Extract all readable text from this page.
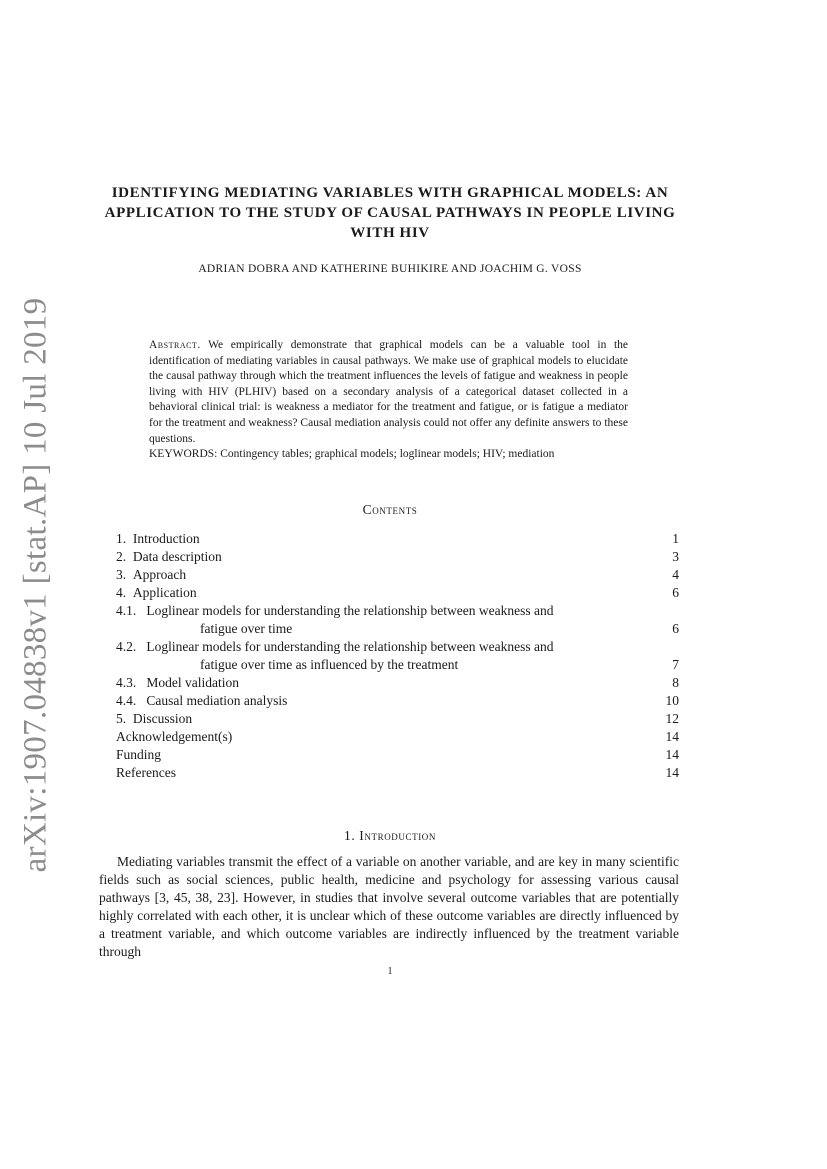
arXiv:1907.04838v1 [stat.AP] 10 Jul 2019
IDENTIFYING MEDIATING VARIABLES WITH GRAPHICAL MODELS: AN APPLICATION TO THE STUDY OF CAUSAL PATHWAYS IN PEOPLE LIVING WITH HIV
ADRIAN DOBRA AND KATHERINE BUHIKIRE AND JOACHIM G. VOSS

Abstract. We empirically demonstrate that graphical models can be a valuable tool in the identification of mediating variables in causal pathways. We make use of graphical models to elucidate the causal pathway through which the treatment influences the levels of fatigue and weakness in people living with HIV (PLHIV) based on a secondary analysis of a categorical dataset collected in a behavioral clinical trial: is weakness a mediator for the treatment and fatigue, or is fatigue a mediator for the treatment and weakness? Causal mediation analysis could not offer any definite answers to these questions.

KEYWORDS: Contingency tables; graphical models; loglinear models; HIV; mediation

Contents
1. Introduction	1
2. Data description	3
3. Approach	4
4. Application	6
4.1. Loglinear models for understanding the relationship between weakness and
fatigue over time	6
4.2. Loglinear models for understanding the relationship between weakness and
fatigue over time as influenced by the treatment	7
4.3. Model validation	8
4.4. Causal mediation analysis	10
5. Discussion	12
Acknowledgement(s)	14
Funding	14
References	14
1. Introduction

Mediating variables transmit the effect of a variable on another variable, and are key in many scientific fields such as social sciences, public health, medicine and psychology for assessing various causal pathways [3, 45, 38, 23]. However, in studies that involve several outcome variables that are potentially highly correlated with each other, it is unclear which of these outcome variables are directly influenced by a treatment variable, and which outcome variables are indirectly influenced by the treatment variable through

1
